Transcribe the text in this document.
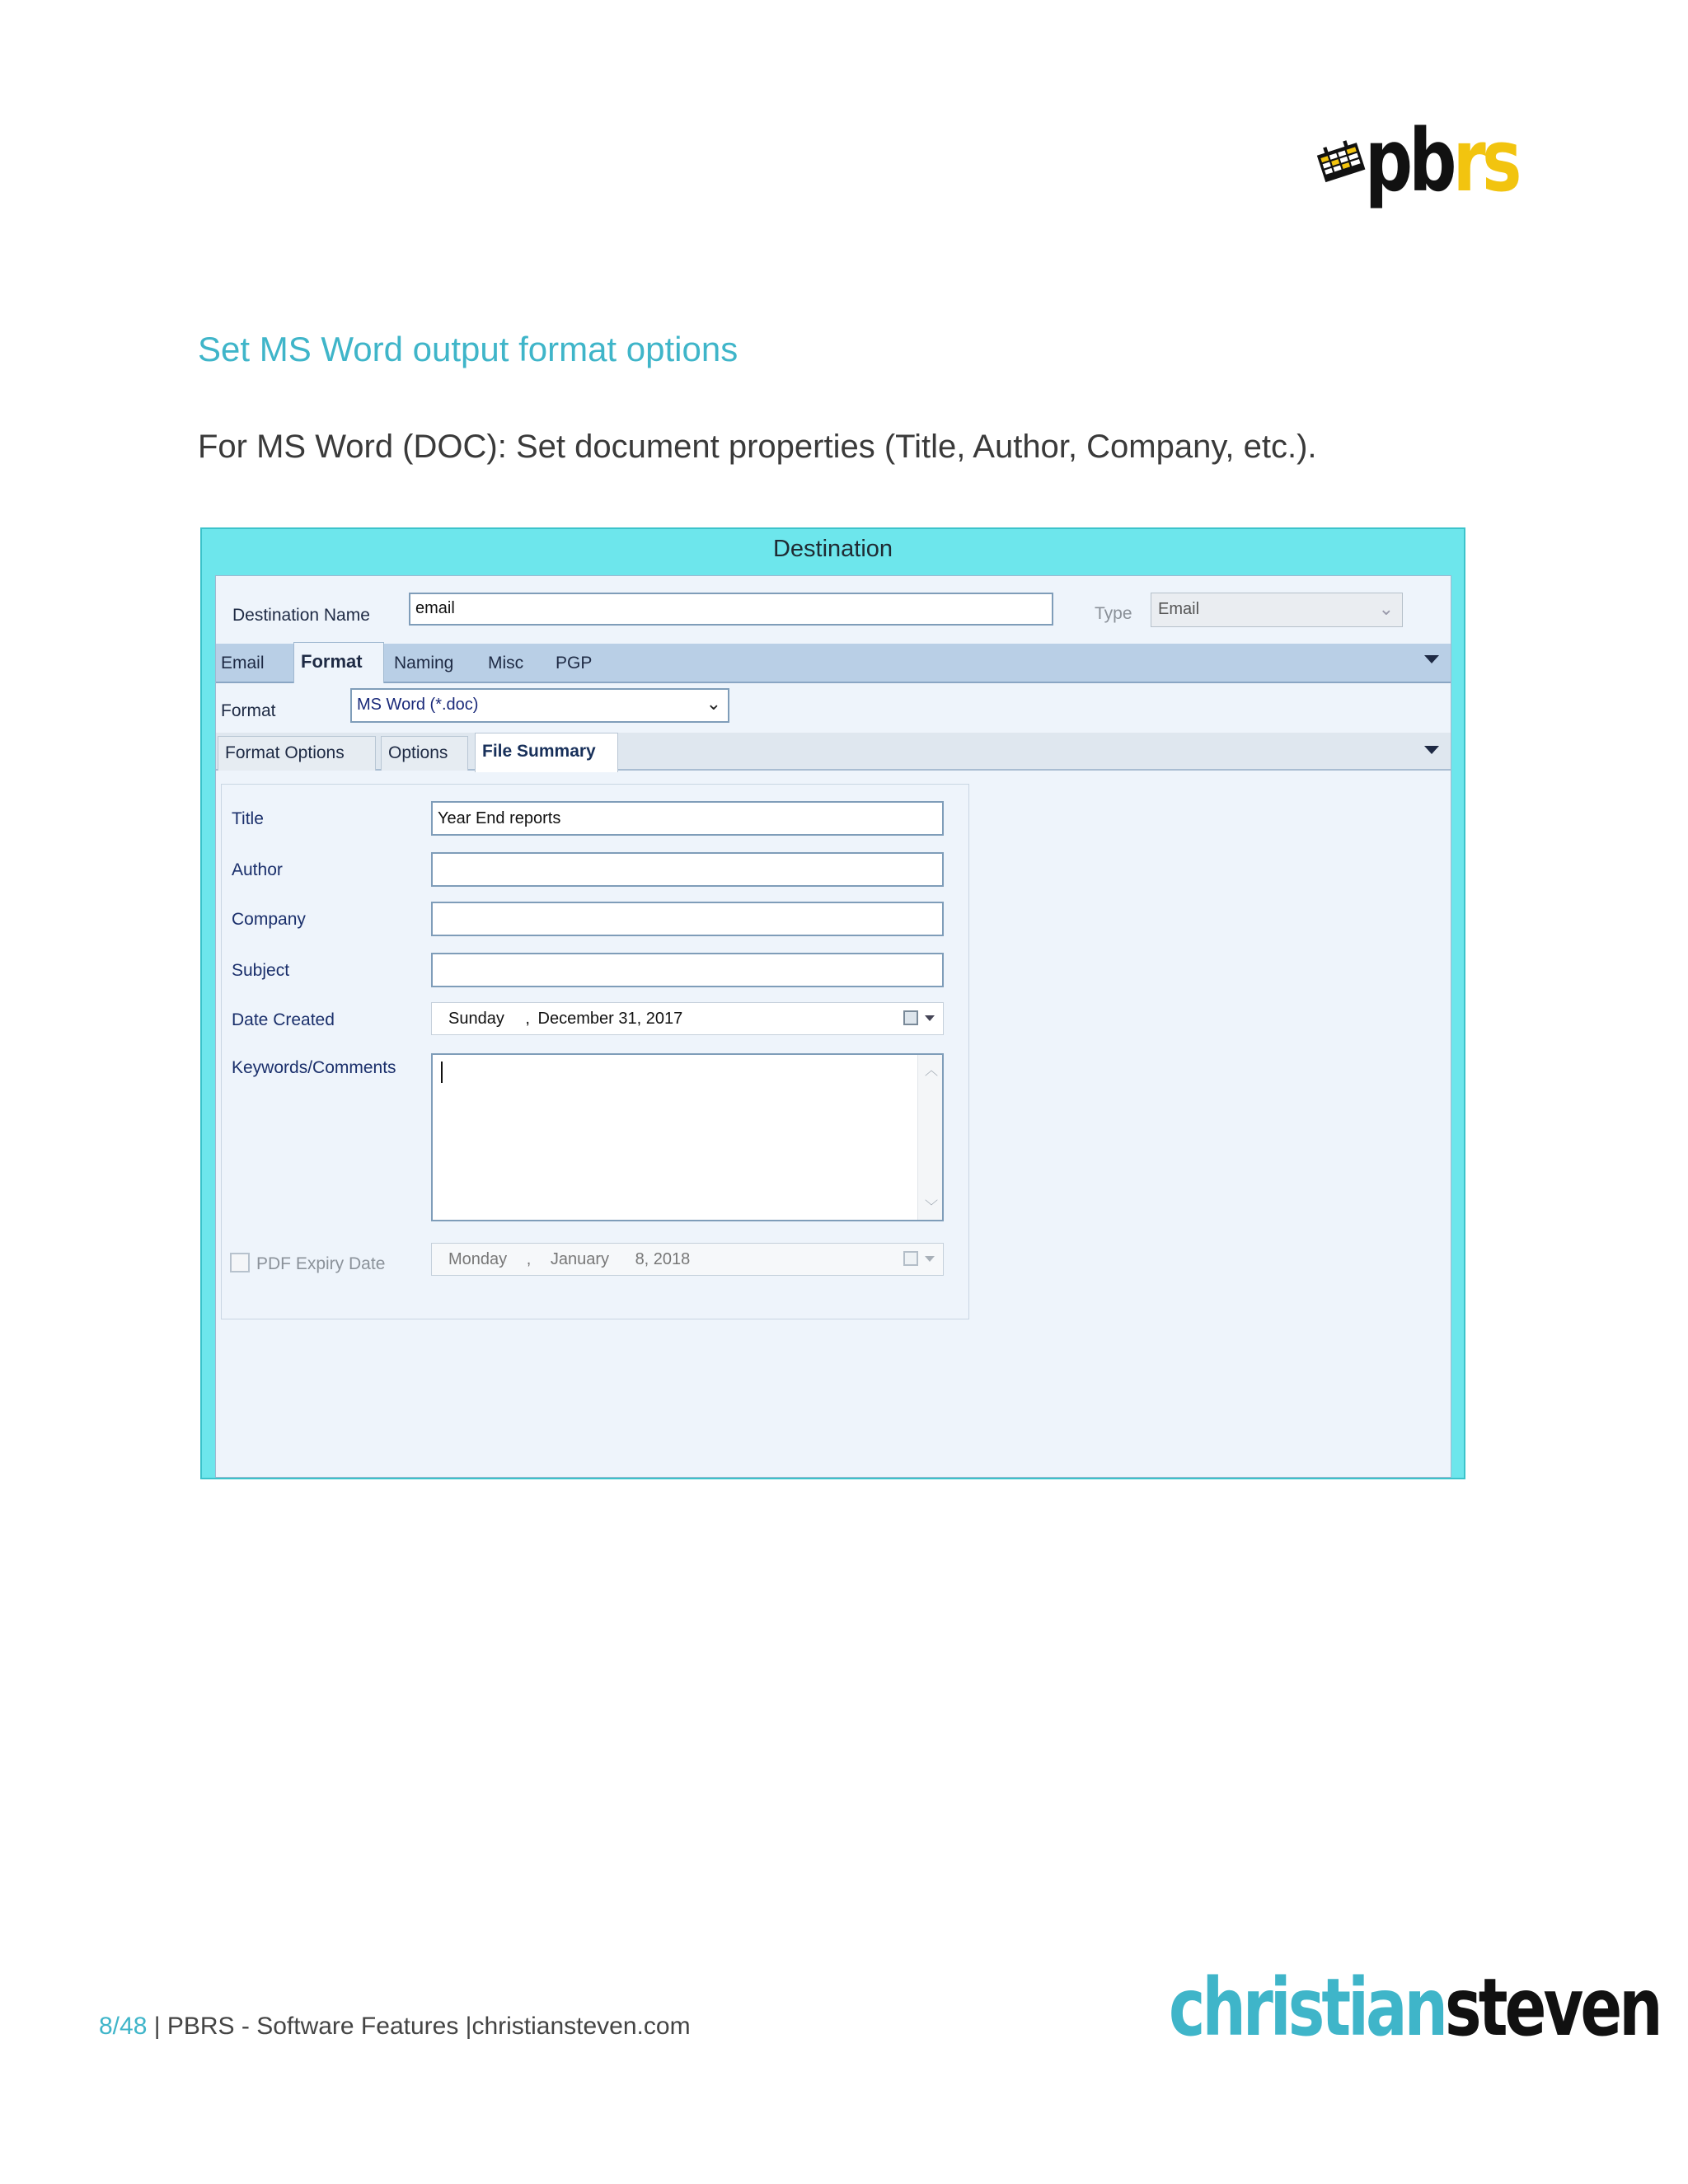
pbrs
Set MS Word output format options

For MS Word (DOC): Set document properties (Title, Author, Company, etc.).

Destination
Destination Name	email	Type	Email	⌄
Email	Format	Naming	Misc	PGP
Format	MS Word (*.doc)	⌄
Format Options	Options	File Summary
Title	Year End reports
Author
Company
Subject
Date Created	Sunday , December 31, 2017
Keywords/Comments	︿
﹀
PDF Expiry Date	Monday , January 8, 2018
8/48 | PBRS - Software Features |christiansteven.com	christiansteven
